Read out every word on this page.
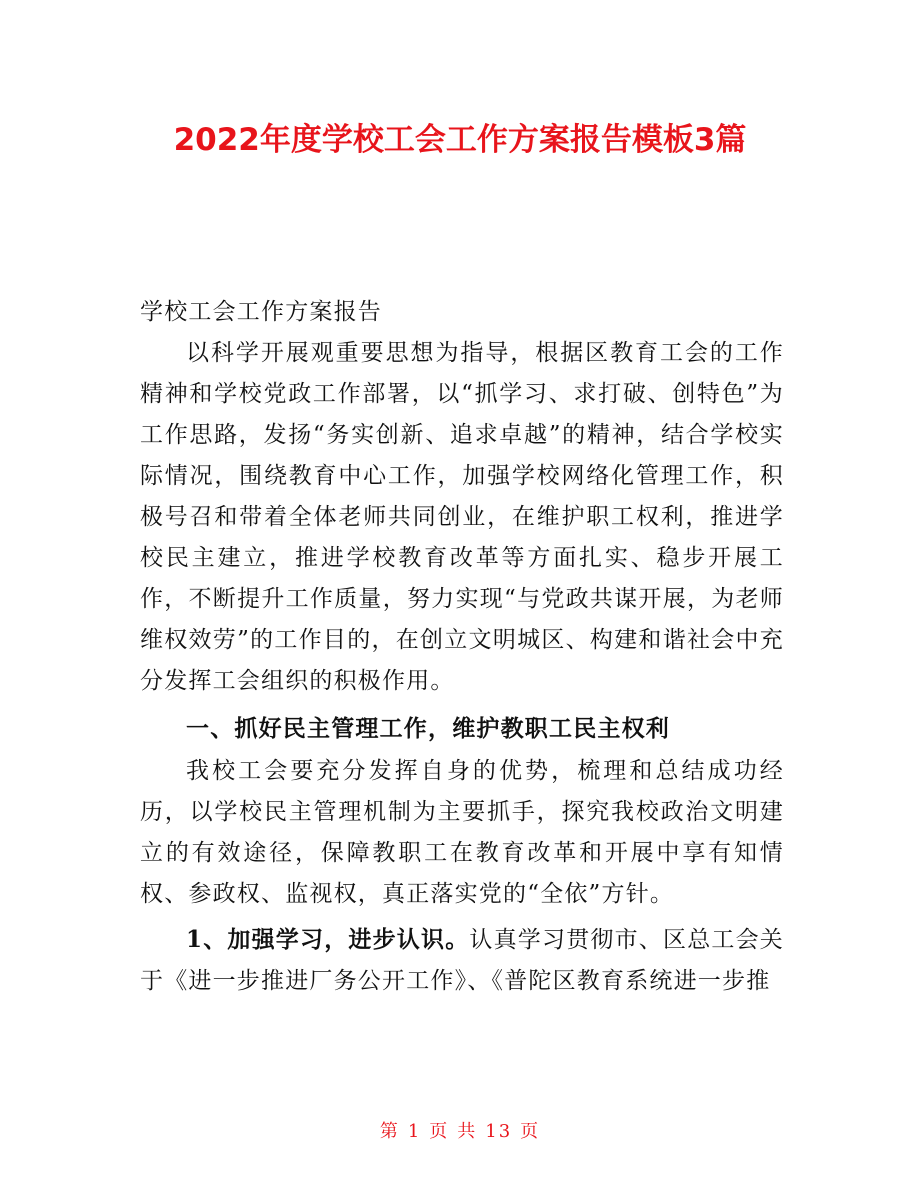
2022年度学校工会工作方案报告模板3篇

学校工会工作方案报告

以科学开展观重要思想为指导，根据区教育工会的工作精神和学校党政工作部署，以“抓学习、求打破、创特色”为工作思路，发扬“务实创新、追求卓越”的精神，结合学校实际情况，围绕教育中心工作，加强学校网络化管理工作，积极号召和带着全体老师共同创业，在维护职工权利，推进学校民主建立，推进学校教育改革等方面扎实、稳步开展工作，不断提升工作质量，努力实现“与党政共谋开展，为老师维权效劳”的工作目的，在创立文明城区、构建和谐社会中充分发挥工会组织的积极作用。

一、抓好民主管理工作，维护教职工民主权利

我校工会要充分发挥自身的优势，梳理和总结成功经历，以学校民主管理机制为主要抓手，探究我校政治文明建立的有效途径，保障教职工在教育改革和开展中享有知情权、参政权、监视权，真正落实党的“全依”方针。

1、加强学习，进步认识。认真学习贯彻市、区总工会关于《进一步推进厂务公开工作》、《普陀区教育系统进一步推

第 1 页 共 13 页
